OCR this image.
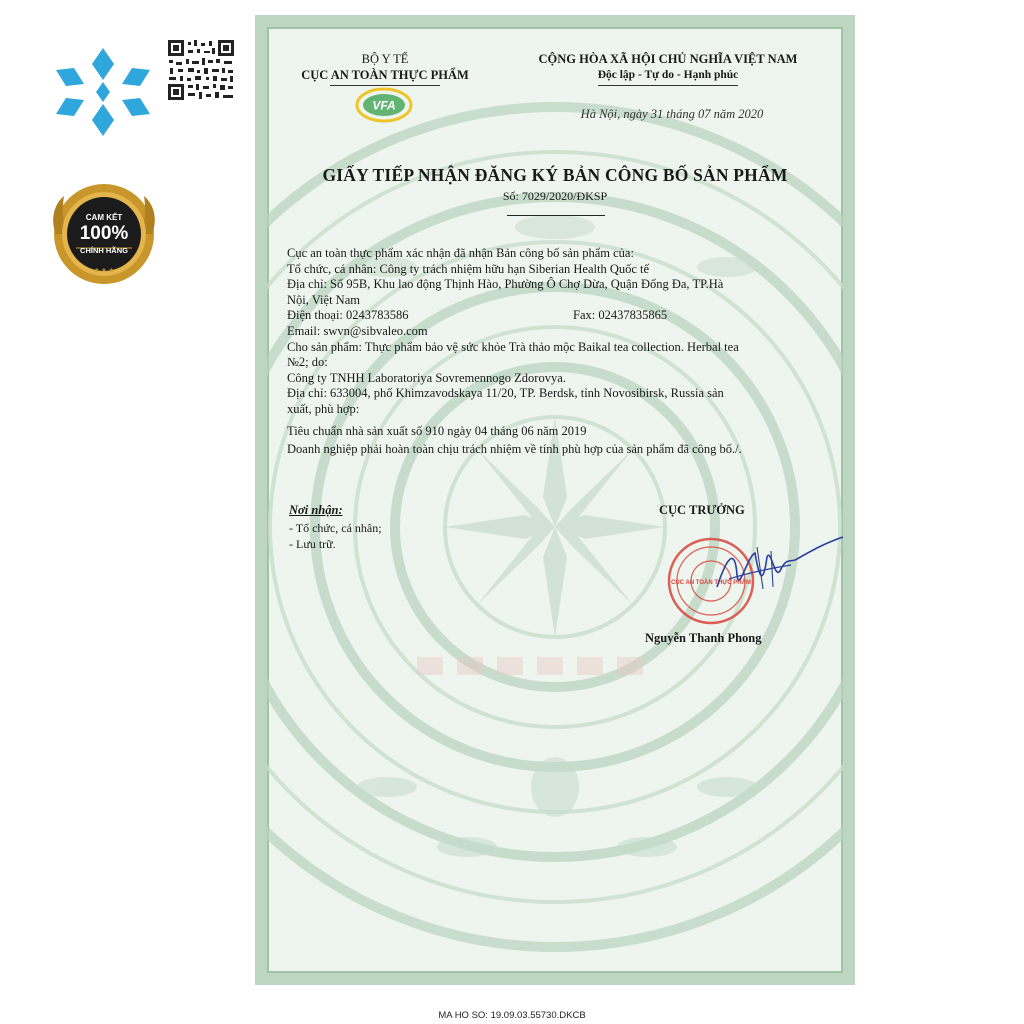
★ ★ ★
CAM KẾT
100%
CHÍNH HÃNG
BỘ Y TẾ
CỤC AN TOÀN THỰC PHẨM
VFA
CỘNG HÒA XÃ HỘI CHỦ NGHĨA VIỆT NAM
Độc lập - Tự do - Hạnh phúc
Hà Nội, ngày 31 tháng 07 năm 2020
GIẤY TIẾP NHẬN ĐĂNG KÝ BẢN CÔNG BỐ SẢN PHẨM
Số: 7029/2020/ĐKSP
Cục an toàn thực phẩm xác nhận đã nhận Bản công bố sản phẩm của:
Tổ chức, cá nhân: Công ty trách nhiệm hữu hạn Siberian Health Quốc tế
Địa chỉ: Số 95B, Khu lao động Thịnh Hào, Phường Ô Chợ Dừa, Quận Đống Đa, TP.Hà
Nội, Việt Nam
Điện thoại: 0243783586	Fax: 02437835865
Email: swvn@sibvaleo.com
Cho sản phẩm: Thực phẩm bảo vệ sức khỏe Trà thảo mộc Baikal tea collection. Herbal tea
№2; do:
Công ty TNHH Laboratoriya Sovremennogo Zdorovya.
Địa chỉ: 633004, phố Khimzavodskaya 11/20, TP. Berdsk, tỉnh Novosibirsk, Russia sản
xuất, phù hợp:
Tiêu chuẩn nhà sản xuất số 910 ngày 04 tháng 06 năm 2019
Doanh nghiệp phải hoàn toàn chịu trách nhiệm về tính phù hợp của sản phẩm đã công bố./.
Nơi nhận:
- Tổ chức, cá nhân;
- Lưu trữ.
CỤC TRƯỞNG
CỤC AN TOÀN THỰC PHẨM
Nguyễn Thanh Phong
MA HO SO: 19.09.03.55730.DKCB
